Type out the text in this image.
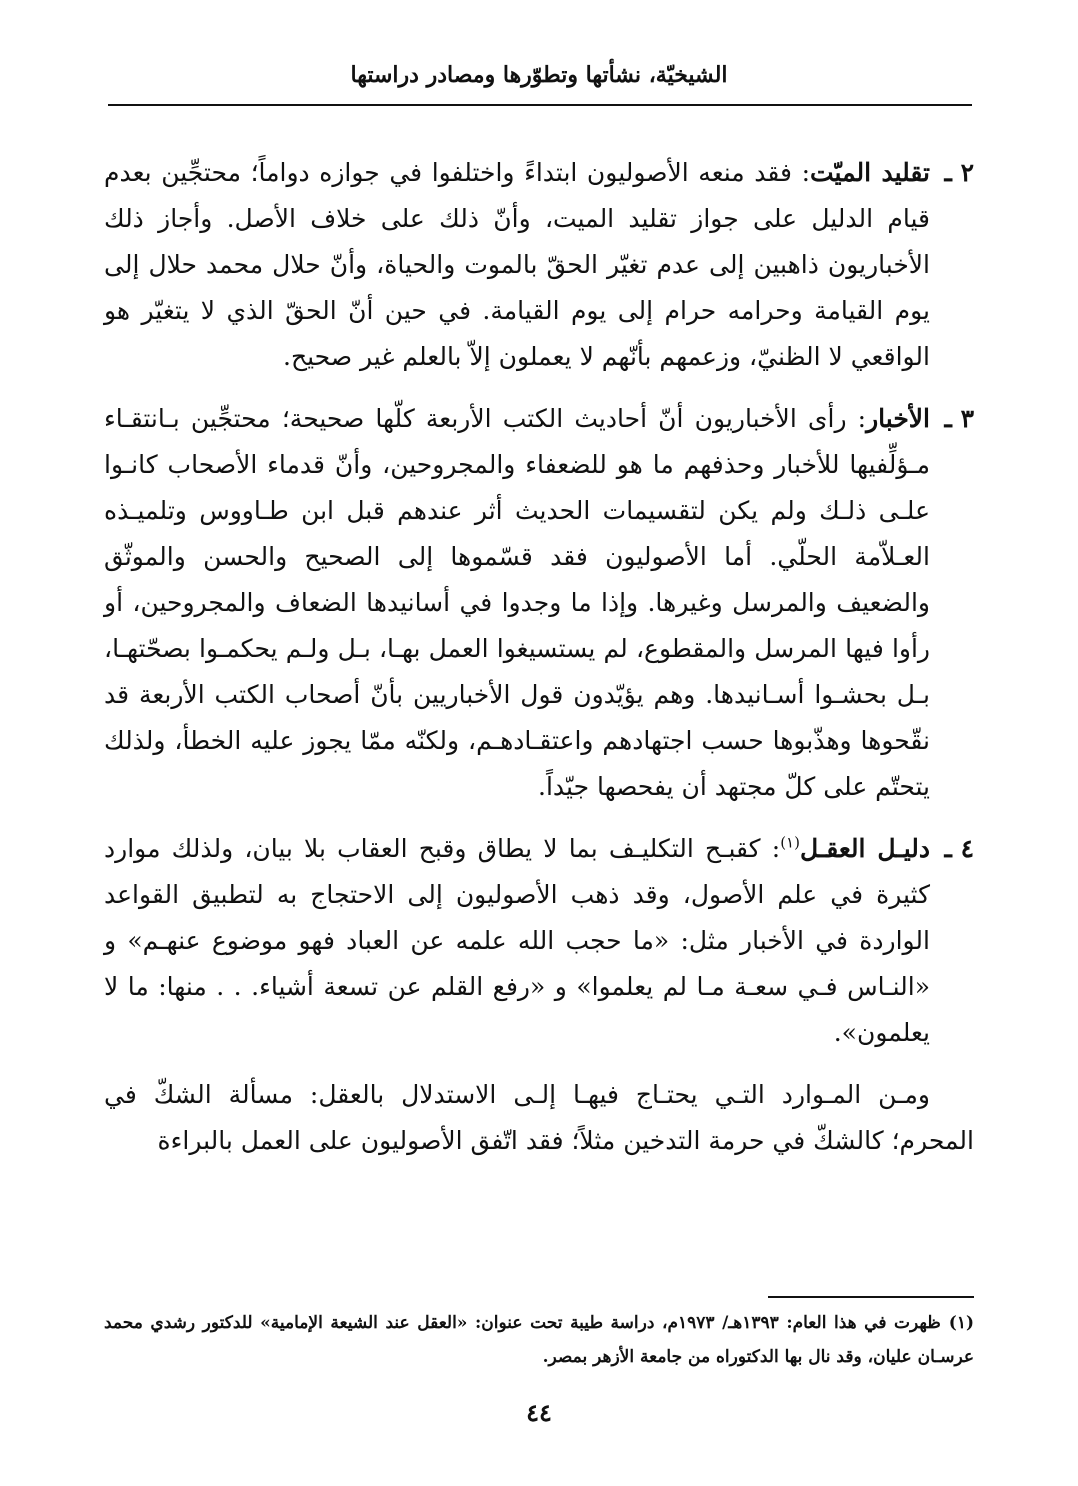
الشيخيّة، نشأتها وتطوّرها ومصادر دراستها
٢ ـ
تقليد الميّت: فقد منعه الأصوليون ابتداءً واختلفوا في جوازه دواماً؛ محتجِّين بعدم قيام الدليل على جواز تقليد الميت، وأنّ ذلك على خلاف الأصل. وأجاز ذلك الأخباريون ذاهبين إلى عدم تغيّر الحقّ بالموت والحياة، وأنّ حلال محمد حلال إلى يوم القيامة وحرامه حرام إلى يوم القيامة. في حين أنّ الحقّ الذي لا يتغيّر هو الواقعي لا الظنيّ، وزعمهم بأنّهم لا يعملون إلاّ بالعلم غير صحيح.
٣ ـ
الأخبار: رأى الأخباريون أنّ أحاديث الكتب الأربعة كلّها صحيحة؛ محتجِّين بـانتقـاء مـؤلِّفيها للأخبار وحذفهم ما هو للضعفاء والمجروحين، وأنّ قدماء الأصحاب كانـوا علـى ذلـك ولم يكن لتقسيمات الحديث أثر عندهم قبل ابن طـاووس وتلميـذه العـلاّمة الحلّي. أما الأصوليون فقد قسّموها إلى الصحيح والحسن والموثّق والضعيف والمرسل وغيرها. وإذا ما وجدوا في أسانيدها الضعاف والمجروحين، أو رأوا فيها المرسل والمقطوع، لم يستسيغوا العمل بهـا، بـل ولـم يحكمـوا بصحّتهـا، بـل بحشـوا أسـانيدها. وهم يؤيّدون قول الأخباريين بأنّ أصحاب الكتب الأربعة قد نقّحوها وهذّبوها حسب اجتهادهم واعتقـادهـم، ولكنّه ممّا يجوز عليه الخطأ، ولذلك يتحتّم على كلّ مجتهد أن يفحصها جيّداً.
٤ ـ
دليـل العقـل$^{(١)}$: كقبـح التكليـف بما لا يطاق وقبح العقاب بلا بيان، ولذلك موارد كثيرة في علم الأصول، وقد ذهب الأصوليون إلى الاحتجاج به لتطبيق القواعد الواردة في الأخبار مثل: «ما حجب الله علمه عن العباد فهو موضوع عنهـم» و «النـاس فـي سعـة مـا لم يعلموا» و «رفع القلم عن تسعة أشياء. . . منها: ما لا يعلمون».

ومـن المـوارد التـي يحتـاج فيهـا إلـى الاستدلال بالعقل: مسألة الشكّ في المحرم؛ كالشكّ في حرمة التدخين مثلاً؛ فقد اتّفق الأصوليون على العمل بالبراءة

(١)ظهرت في هذا العام: ١٣٩٣هـ/ ١٩٧٣م، دراسة طيبة تحت عنوان: «العقل عند الشيعة الإمامية» للدكتور رشدي محمد عرسـان عليان، وقد نال بها الدكتوراه من جامعة الأزهر بمصر.
٤٤
